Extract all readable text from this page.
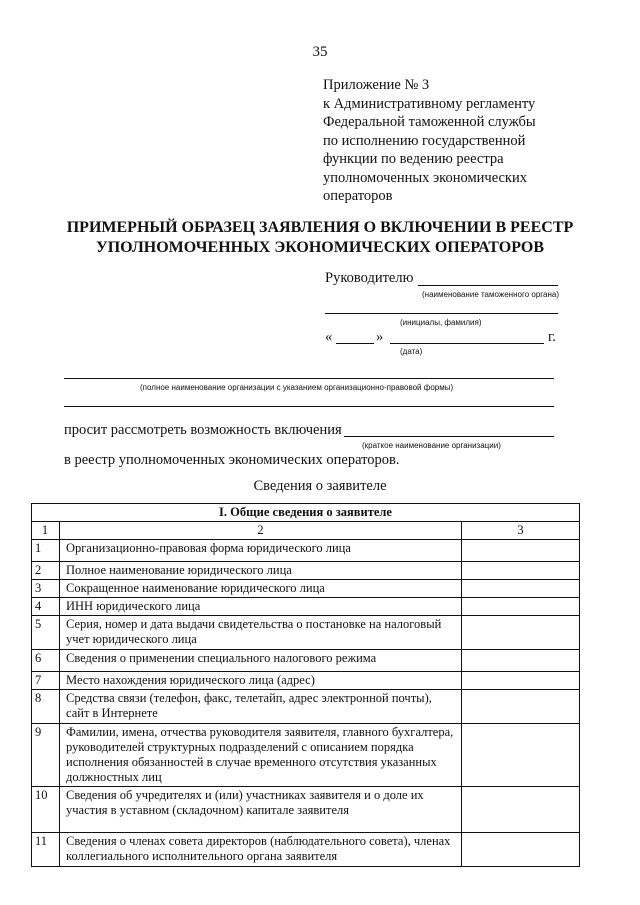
35
Приложение № 3
к Административному регламенту
Федеральной таможенной службы
по исполнению государственной
функции по ведению реестра
уполномоченных экономических
операторов
ПРИМЕРНЫЙ ОБРАЗЕЦ ЗАЯВЛЕНИЯ О ВКЛЮЧЕНИИ В РЕЕСТР
УПОЛНОМОЧЕННЫХ ЭКОНОМИЧЕСКИХ ОПЕРАТОРОВ
Руководителю
(наименование таможенного органа)
(инициалы, фамилия)
«	»	г.
(дата)
(полное наименование организации с указанием организационно-правовой формы)
просит рассмотреть возможность включения
(краткое наименование организации)
в реестр уполномоченных экономических операторов.
Сведения о заявителе
I. Общие сведения о заявителе		
1	2	3
1	Организационно-правовая форма юридического лица	
2	Полное наименование юридического лица	
3	Сокращенное наименование юридического лица	
4	ИНН юридического лица	
5	Серия, номер и дата выдачи свидетельства о постановке на налоговый учет юридического лица	
6	Сведения о применении специального налогового режима	
7	Место нахождения юридического лица (адрес)	
8	Средства связи (телефон, факс, телетайп, адрес электронной почты), сайт в Интернете	
9	Фамилии, имена, отчества руководителя заявителя, главного бухгалтера, руководителей структурных подразделений с описанием порядка исполнения обязанностей в случае временного отсутствия указанных должностных лиц	
10	Сведения об учредителях и (или) участниках заявителя и о доле их участия в уставном (складочном) капитале заявителя	
11	Сведения о членах совета директоров (наблюдательного совета), членах коллегиального исполнительного органа заявителя	
